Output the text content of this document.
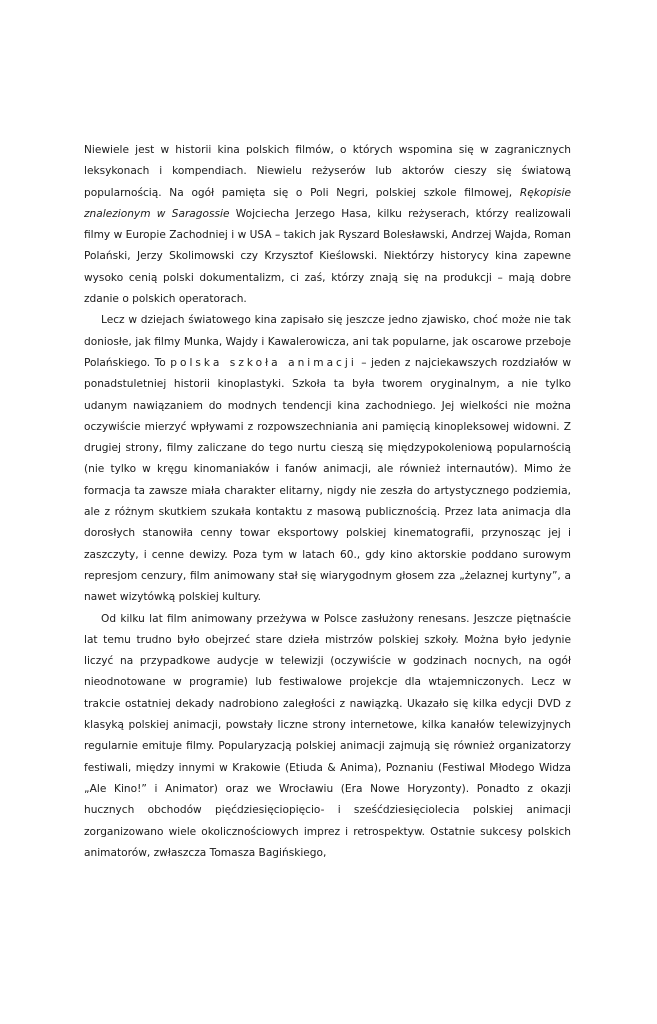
Niewiele jest w historii kina polskich filmów, o których wspomina się w zagranicznych leksykonach i kompendiach. Niewielu reżyserów lub aktorów cieszy się światową popularnością. Na ogół pamięta się o Poli Negri, polskiej szkole filmowej, Rękopisie znalezionym w Saragossie Wojciecha Jerzego Hasa, kilku reżyserach, którzy realizowali filmy w Europie Zachodniej i w USA – takich jak Ryszard Bolesławski, Andrzej Wajda, Roman Polański, Jerzy Skolimowski czy Krzysztof Kieślowski. Niektórzy historycy kina zapewne wysoko cenią polski dokumentalizm, ci zaś, którzy znają się na produkcji – mają dobre zdanie o polskich operatorach.

Lecz w dziejach światowego kina zapisało się jeszcze jedno zjawisko, choć może nie tak doniosłe, jak filmy Munka, Wajdy i Kawalerowicza, ani tak popularne, jak oscarowe przeboje Polańskiego. To polska szkoła animacji – jeden z najciekawszych rozdziałów w ponadstuletniej historii kinoplastyki. Szkoła ta była tworem oryginalnym, a nie tylko udanym nawiązaniem do modnych tendencji kina zachodniego. Jej wielkości nie można oczywiście mierzyć wpływami z rozpowszechniania ani pamięcią kinopleksowej widowni. Z drugiej strony, filmy zaliczane do tego nurtu cieszą się międzypokoleniową popularnością (nie tylko w kręgu kinomaniaków i fanów animacji, ale również internautów). Mimo że formacja ta zawsze miała charakter elitarny, nigdy nie zeszła do artystycznego podziemia, ale z różnym skutkiem szukała kontaktu z masową publicznością. Przez lata animacja dla dorosłych stanowiła cenny towar eksportowy polskiej kinematografii, przynosząc jej i zaszczyty, i cenne dewizy. Poza tym w latach 60., gdy kino aktorskie poddano surowym represjom cenzury, film animowany stał się wiarygodnym głosem zza „żelaznej kurtyny”, a nawet wizytówką polskiej kultury.

Od kilku lat film animowany przeżywa w Polsce zasłużony renesans. Jeszcze piętnaście lat temu trudno było obejrzeć stare dzieła mistrzów polskiej szkoły. Można było jedynie liczyć na przypadkowe audycje w telewizji (oczywiście w godzinach nocnych, na ogół nieodnotowane w programie) lub festiwalowe projekcje dla wtajemniczonych. Lecz w trakcie ostatniej dekady nadrobiono zaległości z nawiązką. Ukazało się kilka edycji DVD z klasyką polskiej animacji, powstały liczne strony internetowe, kilka kanałów telewizyjnych regularnie emituje filmy. Popularyzacją polskiej animacji zajmują się również organizatorzy festiwali, między innymi w Krakowie (Etiuda & Anima), Poznaniu (Festiwal Młodego Widza „Ale Kino!” i Animator) oraz we Wrocławiu (Era Nowe Horyzonty). Ponadto z okazji hucznych obchodów pięćdziesięciopięcio- i sześćdziesięciolecia polskiej animacji zorganizowano wiele okolicznościowych imprez i retrospektyw. Ostatnie sukcesy polskich animatorów, zwłaszcza Tomasza Bagińskiego,
